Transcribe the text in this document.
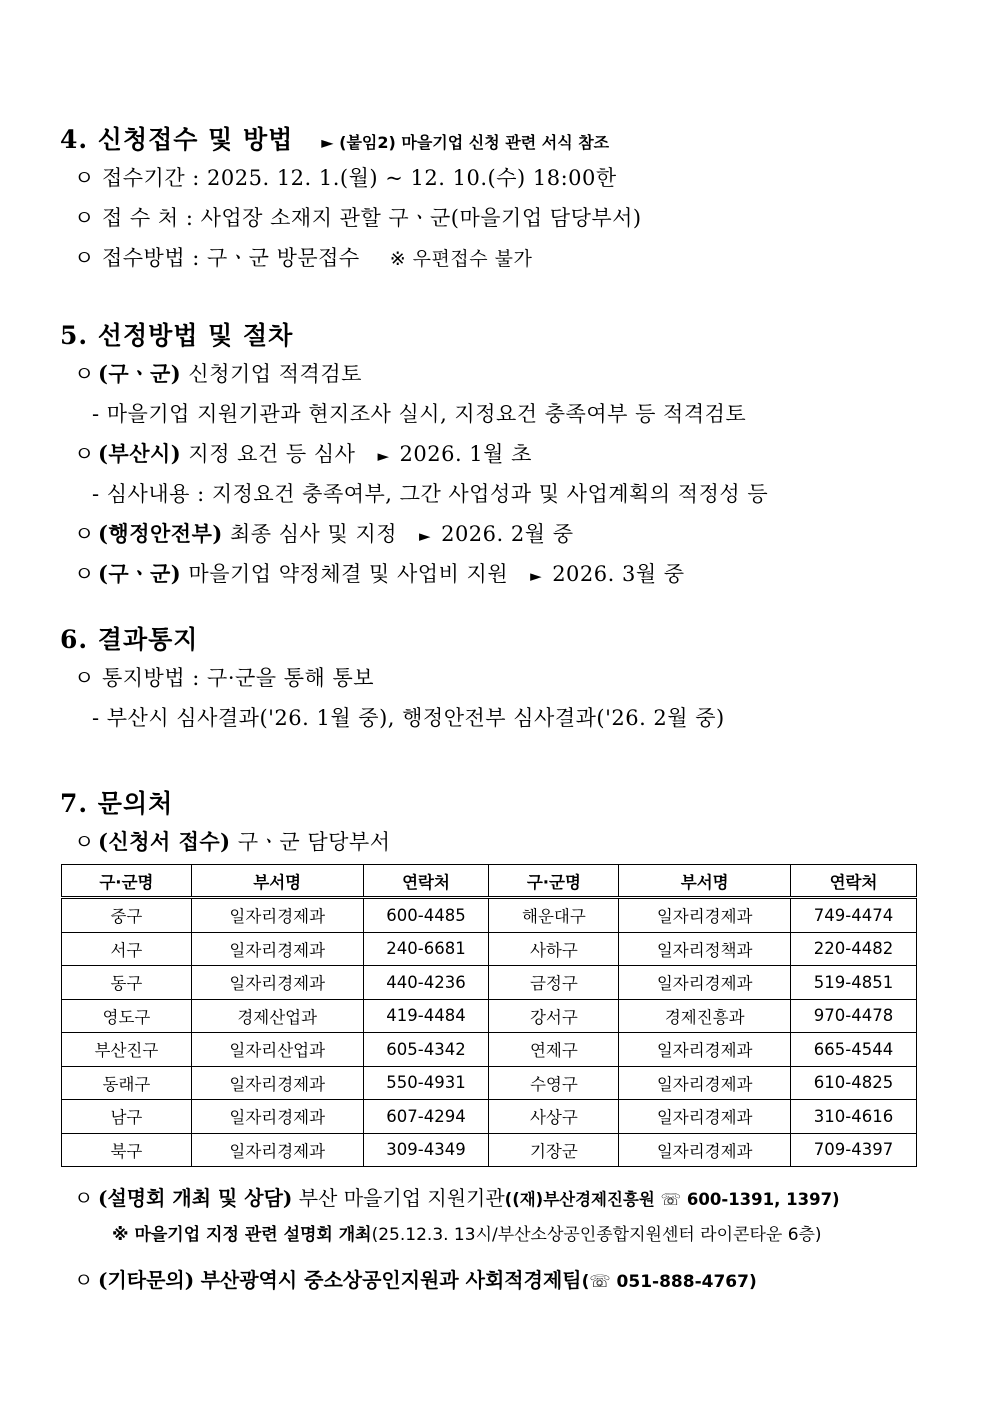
4. 신청접수 및 방법 ► (붙임2) 마을기업 신청 관련 서식 참조
ㅇ 접수기간 : 2025. 12. 1.(월) ~ 12. 10.(수) 18:00한
ㅇ 접 수 처 : 사업장 소재지 관할 구ㆍ군(마을기업 담당부서)
ㅇ 접수방법 : 구ㆍ군 방문접수 ※ 우편접수 불가
5. 선정방법 및 절차
ㅇ (구ㆍ군) 신청기업 적격검토
- 마을기업 지원기관과 현지조사 실시, 지정요건 충족여부 등 적격검토
ㅇ (부산시) 지정 요건 등 심사 ► 2026. 1월 초
- 심사내용 : 지정요건 충족여부, 그간 사업성과 및 사업계획의 적정성 등
ㅇ (행정안전부) 최종 심사 및 지정 ► 2026. 2월 중
ㅇ (구ㆍ군) 마을기업 약정체결 및 사업비 지원 ► 2026. 3월 중
6. 결과통지
ㅇ 통지방법 : 구·군을 통해 통보
- 부산시 심사결과('26. 1월 중), 행정안전부 심사결과('26. 2월 중)
7. 문의처
ㅇ (신청서 접수) 구ㆍ군 담당부서
구·군명	부서명	연락처	구·군명	부서명	연락처
중구	일자리경제과	600-4485	해운대구	일자리경제과	749-4474
서구	일자리경제과	240-6681	사하구	일자리정책과	220-4482
동구	일자리경제과	440-4236	금정구	일자리경제과	519-4851
영도구	경제산업과	419-4484	강서구	경제진흥과	970-4478
부산진구	일자리산업과	605-4342	연제구	일자리경제과	665-4544
동래구	일자리경제과	550-4931	수영구	일자리경제과	610-4825
남구	일자리경제과	607-4294	사상구	일자리경제과	310-4616
북구	일자리경제과	309-4349	기장군	일자리경제과	709-4397
ㅇ (설명회 개최 및 상담) 부산 마을기업 지원기관((재)부산경제진흥원 ☏ 600-1391, 1397)
※ 마을기업 지정 관련 설명회 개최(25.12.3. 13시/부산소상공인종합지원센터 라이콘타운 6층)
ㅇ (기타문의) 부산광역시 중소상공인지원과 사회적경제팀(☏ 051-888-4767)
